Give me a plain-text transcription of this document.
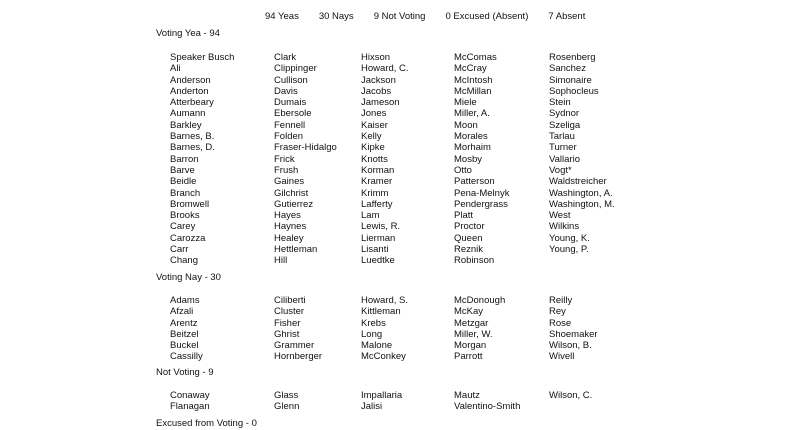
94 Yeas 30 Nays 9 Not Voting 0 Excused (Absent) 7 Absent
Voting Yea - 94
Speaker Busch
Ali
Anderson
Anderton
Atterbeary
Aumann
Barkley
Barnes, B.
Barnes, D.
Barron
Barve
Beidle
Branch
Bromwell
Brooks
Carey
Carozza
Carr
Chang
Clark
Clippinger
Cullison
Davis
Dumais
Ebersole
Fennell
Folden
Fraser-Hidalgo
Frick
Frush
Gaines
Gilchrist
Gutierrez
Hayes
Haynes
Healey
Hettleman
Hill
Hixson
Howard, C.
Jackson
Jacobs
Jameson
Jones
Kaiser
Kelly
Kipke
Knotts
Korman
Kramer
Krimm
Lafferty
Lam
Lewis, R.
Lierman
Lisanti
Luedtke
McComas
McCray
McIntosh
McMillan
Miele
Miller, A.
Moon
Morales
Morhaim
Mosby
Otto
Patterson
Pena-Melnyk
Pendergrass
Platt
Proctor
Queen
Reznik
Robinson
Rosenberg
Sanchez
Simonaire
Sophocleus
Stein
Sydnor
Szeliga
Tarlau
Turner
Vallario
Vogt*
Waldstreicher
Washington, A.
Washington, M.
West
Wilkins
Young, K.
Young, P.
Voting Nay - 30
Adams
Afzali
Arentz
Beitzel
Buckel
Cassilly
Ciliberti
Cluster
Fisher
Ghrist
Grammer
Hornberger
Howard, S.
Kittleman
Krebs
Long
Malone
McConkey
McDonough
McKay
Metzgar
Miller, W.
Morgan
Parrott
Reilly
Rey
Rose
Shoemaker
Wilson, B.
Wivell
Not Voting - 9
Conaway
Flanagan
Glass
Glenn
Impallaria
Jalisi
Mautz
Valentino-Smith
Wilson, C.
Excused from Voting - 0
